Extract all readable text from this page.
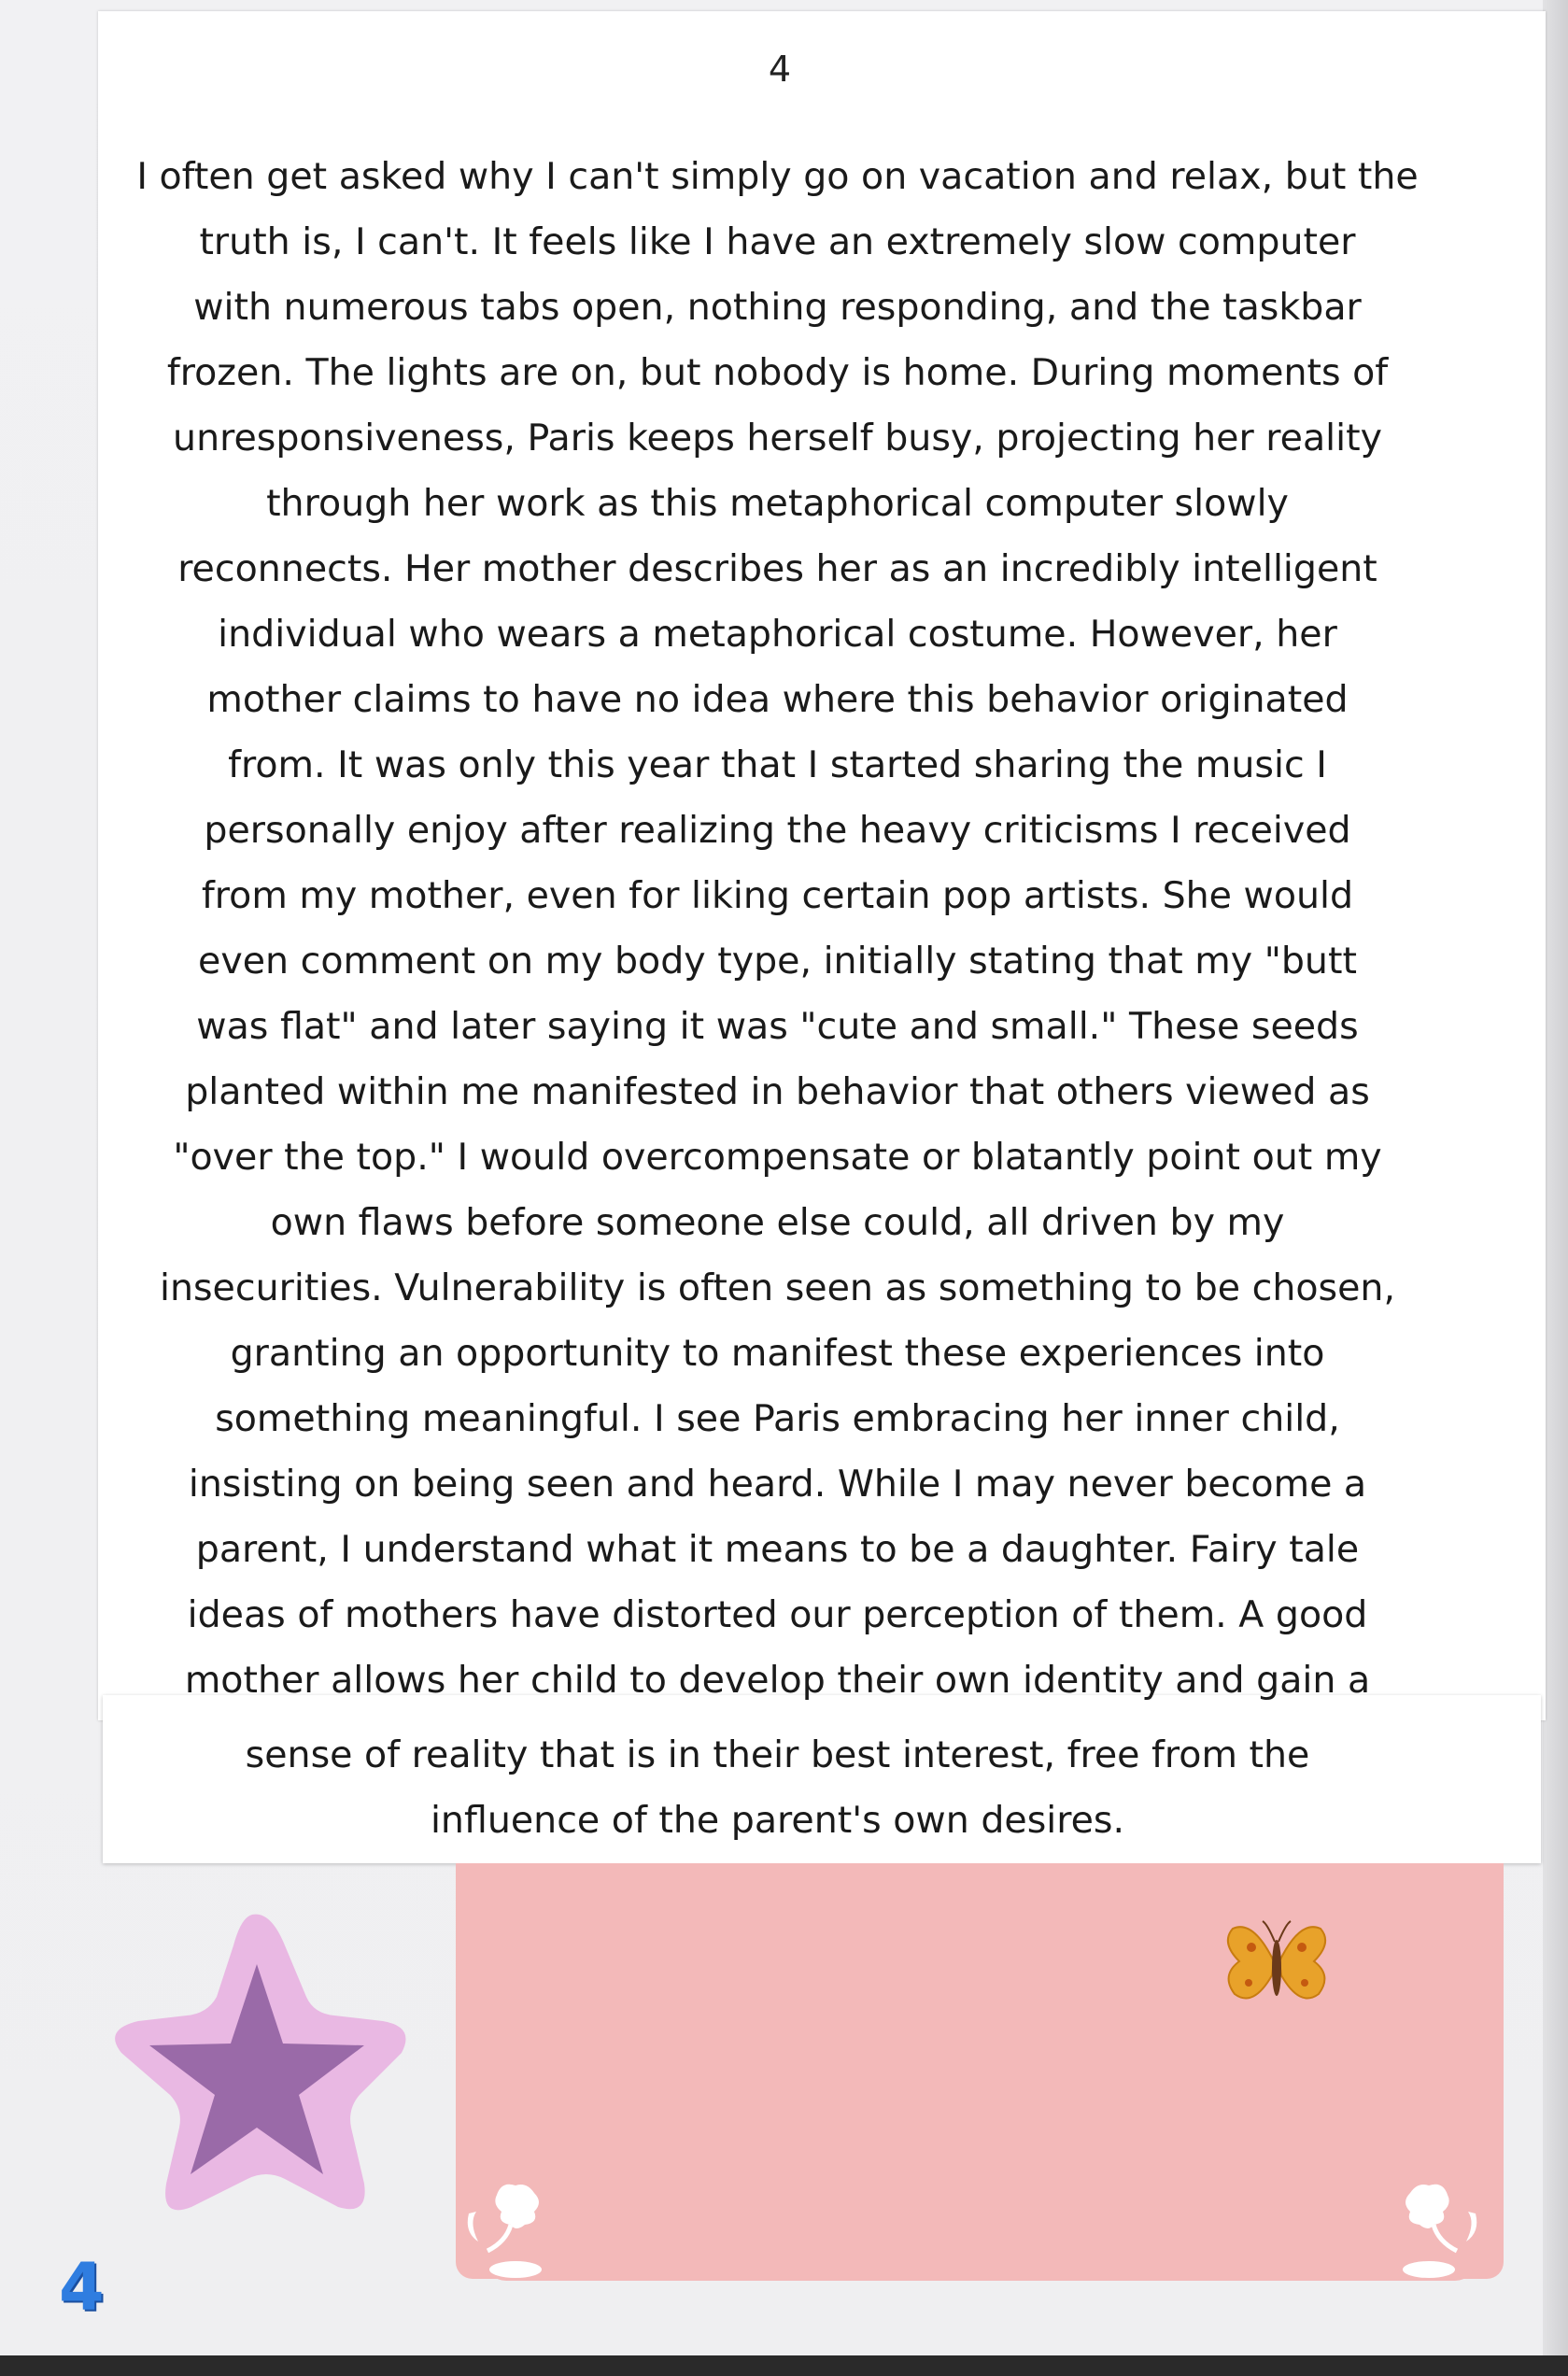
4
I often get asked why I can't simply go on vacation and relax, but the
truth is, I can't. It feels like I have an extremely slow computer
with numerous tabs open, nothing responding, and the taskbar
frozen. The lights are on, but nobody is home. During moments of
unresponsiveness, Paris keeps herself busy, projecting her reality
through her work as this metaphorical computer slowly
reconnects. Her mother describes her as an incredibly intelligent
individual who wears a metaphorical costume. However, her
mother claims to have no idea where this behavior originated
from. It was only this year that I started sharing the music I
personally enjoy after realizing the heavy criticisms I received
from my mother, even for liking certain pop artists. She would
even comment on my body type, initially stating that my "butt
was flat" and later saying it was "cute and small." These seeds
planted within me manifested in behavior that others viewed as
"over the top." I would overcompensate or blatantly point out my
own flaws before someone else could, all driven by my
insecurities. Vulnerability is often seen as something to be chosen,
granting an opportunity to manifest these experiences into
something meaningful. I see Paris embracing her inner child,
insisting on being seen and heard. While I may never become a
parent, I understand what it means to be a daughter. Fairy tale
ideas of mothers have distorted our perception of them. A good
mother allows her child to develop their own identity and gain a
sense of reality that is in their best interest, free from the
influence of the parent's own desires.
4
